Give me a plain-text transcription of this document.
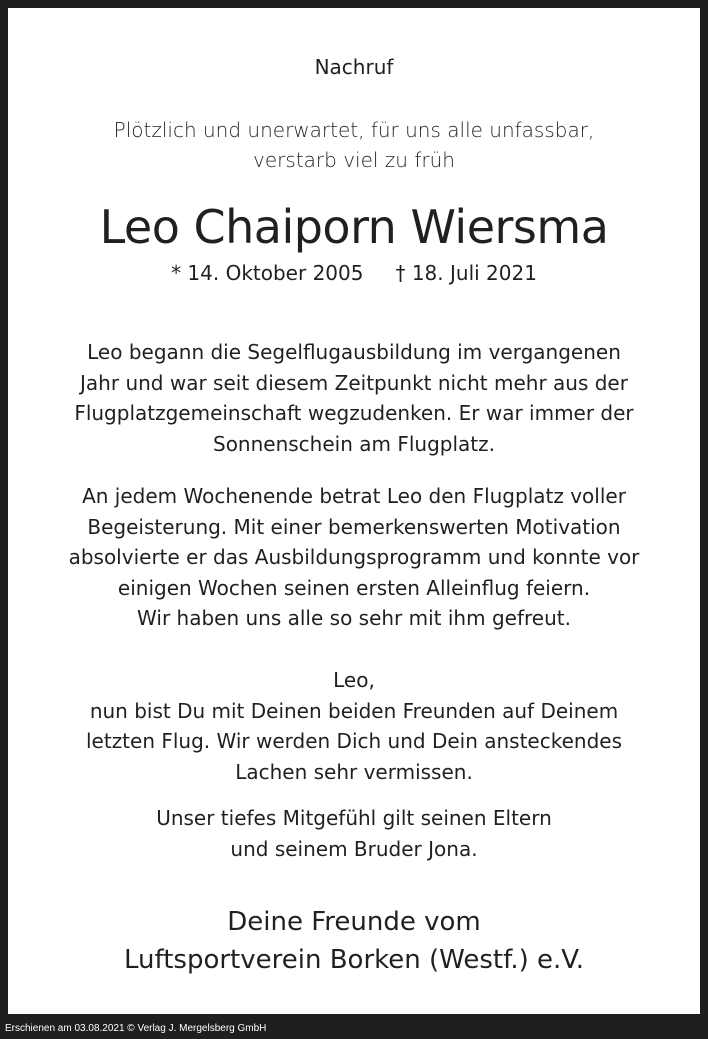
Nachruf
Plötzlich und unerwartet, für uns alle unfassbar,
verstarb viel zu früh
Leo Chaiporn Wiersma
* 14. Oktober 2005 † 18. Juli 2021
Leo begann die Segelflugausbildung im vergangenen
Jahr und war seit diesem Zeitpunkt nicht mehr aus der
Flugplatzgemeinschaft wegzudenken. Er war immer der
Sonnenschein am Flugplatz.
An jedem Wochenende betrat Leo den Flugplatz voller
Begeisterung. Mit einer bemerkenswerten Motivation
absolvierte er das Ausbildungsprogramm und konnte vor
einigen Wochen seinen ersten Alleinflug feiern.
Wir haben uns alle so sehr mit ihm gefreut.
Leo,
nun bist Du mit Deinen beiden Freunden auf Deinem
letzten Flug. Wir werden Dich und Dein ansteckendes
Lachen sehr vermissen.
Unser tiefes Mitgefühl gilt seinen Eltern
und seinem Bruder Jona.
Deine Freunde vom
Luftsportverein Borken (Westf.) e.V.
Erschienen am 03.08.2021 © Verlag J. Mergelsberg GmbH
